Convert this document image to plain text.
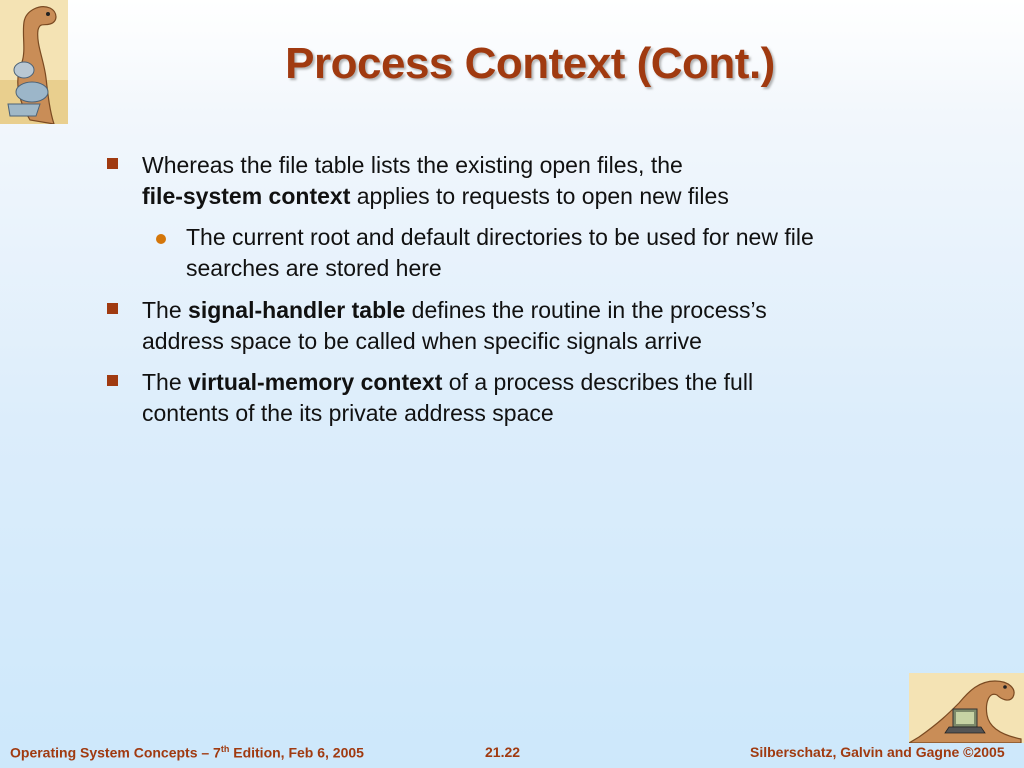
Process Context (Cont.)
Whereas the file table lists the existing open files, the
file-system context applies to requests to open new files
The current root and default directories to be used for new file
searches are stored here
The signal-handler table defines the routine in the process’s
address space to be called when specific signals arrive
The virtual-memory context of a process describes the full
contents of the its private address space
Operating System Concepts – 7th Edition, Feb 6, 2005	21.22	Silberschatz, Galvin and Gagne ©2005
